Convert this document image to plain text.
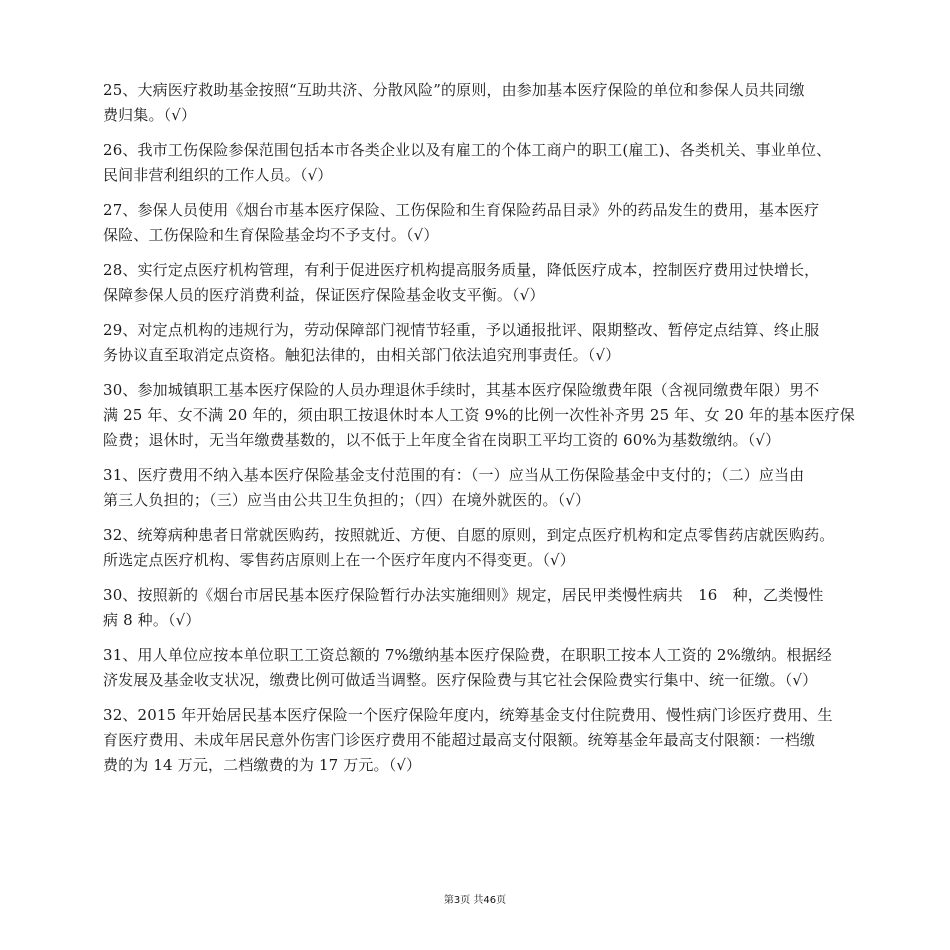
25、大病医疗救助基金按照“互助共济、分散风险”的原则，由参加基本医疗保险的单位和参保人员共同缴
费归集。（√）

26、我市工伤保险参保范围包括本市各类企业以及有雇工的个体工商户的职工(雇工)、各类机关、事业单位、
民间非营利组织的工作人员。（√）

27、参保人员使用《烟台市基本医疗保险、工伤保险和生育保险药品目录》外的药品发生的费用，基本医疗
保险、工伤保险和生育保险基金均不予支付。（√）

28、实行定点医疗机构管理，有利于促进医疗机构提高服务质量，降低医疗成本，控制医疗费用过快增长，
保障参保人员的医疗消费利益，保证医疗保险基金收支平衡。（√）

29、对定点机构的违规行为，劳动保障部门视情节轻重，予以通报批评、限期整改、暂停定点结算、终止服
务协议直至取消定点资格。触犯法律的，由相关部门依法追究刑事责任。（√）

30、参加城镇职工基本医疗保险的人员办理退休手续时，其基本医疗保险缴费年限（含视同缴费年限）男不
满 25 年、女不满 20 年的，须由职工按退休时本人工资 9%的比例一次性补齐男 25 年、女 20 年的基本医疗保
险费；退休时，无当年缴费基数的，以不低于上年度全省在岗职工平均工资的 60%为基数缴纳。（√）

31、医疗费用不纳入基本医疗保险基金支付范围的有：（一）应当从工伤保险基金中支付的；（二）应当由
第三人负担的；（三）应当由公共卫生负担的；（四）在境外就医的。（√）

32、统筹病种患者日常就医购药，按照就近、方便、自愿的原则，到定点医疗机构和定点零售药店就医购药。
所选定点医疗机构、零售药店原则上在一个医疗年度内不得变更。（√）

30、按照新的《烟台市居民基本医疗保险暂行办法实施细则》规定，居民甲类慢性病共　16　种，乙类慢性
病 8 种。（√）

31、用人单位应按本单位职工工资总额的 7%缴纳基本医疗保险费，在职职工按本人工资的 2%缴纳。根据经
济发展及基金收支状况，缴费比例可做适当调整。医疗保险费与其它社会保险费实行集中、统一征缴。（√）

32、2015 年开始居民基本医疗保险一个医疗保险年度内，统筹基金支付住院费用、慢性病门诊医疗费用、生
育医疗费用、未成年居民意外伤害门诊医疗费用不能超过最高支付限额。统筹基金年最高支付限额：一档缴
费的为 14 万元，二档缴费的为 17 万元。（√）

第3页 共46页
